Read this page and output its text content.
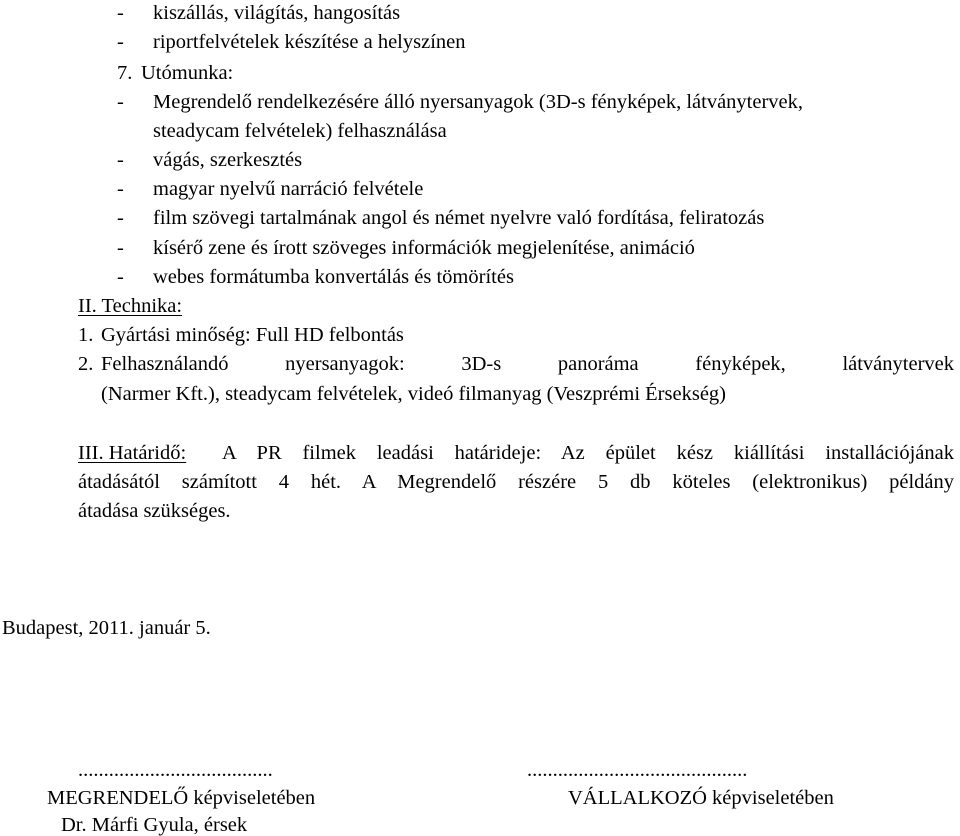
- kiszállás, világítás, hangosítás
- riportfelvételek készítése a helyszínen
7. Utómunka:
- Megrendelő rendelkezésére álló nyersanyagok (3D-s fényképek, látványtervek,
steadycam felvételek) felhasználása
- vágás, szerkesztés
- magyar nyelvű narráció felvétele
- film szövegi tartalmának angol és német nyelvre való fordítása, feliratozás
- kísérő zene és írott szöveges információk megjelenítése, animáció
- webes formátumba konvertálás és tömörítés
II. Technika:
1. Gyártási minőség: Full HD felbontás
2. Felhasználandó nyersanyagok: 3D-s panoráma fényképek, látványtervek
(Narmer Kft.), steadycam felvételek, videó filmanyag (Veszprémi Érsekség)
III. Határidő: A PR filmek leadási határideje: Az épület kész kiállítási installációjának
átadásától számított 4 hét. A Megrendelő részére 5 db köteles (elektronikus) példány
átadása szükséges.
Budapest, 2011. január 5.
......................................	...........................................
MEGRENDELŐ képviseletében	VÁLLALKOZÓ képviseletében
Dr. Márfi Gyula, érsek
